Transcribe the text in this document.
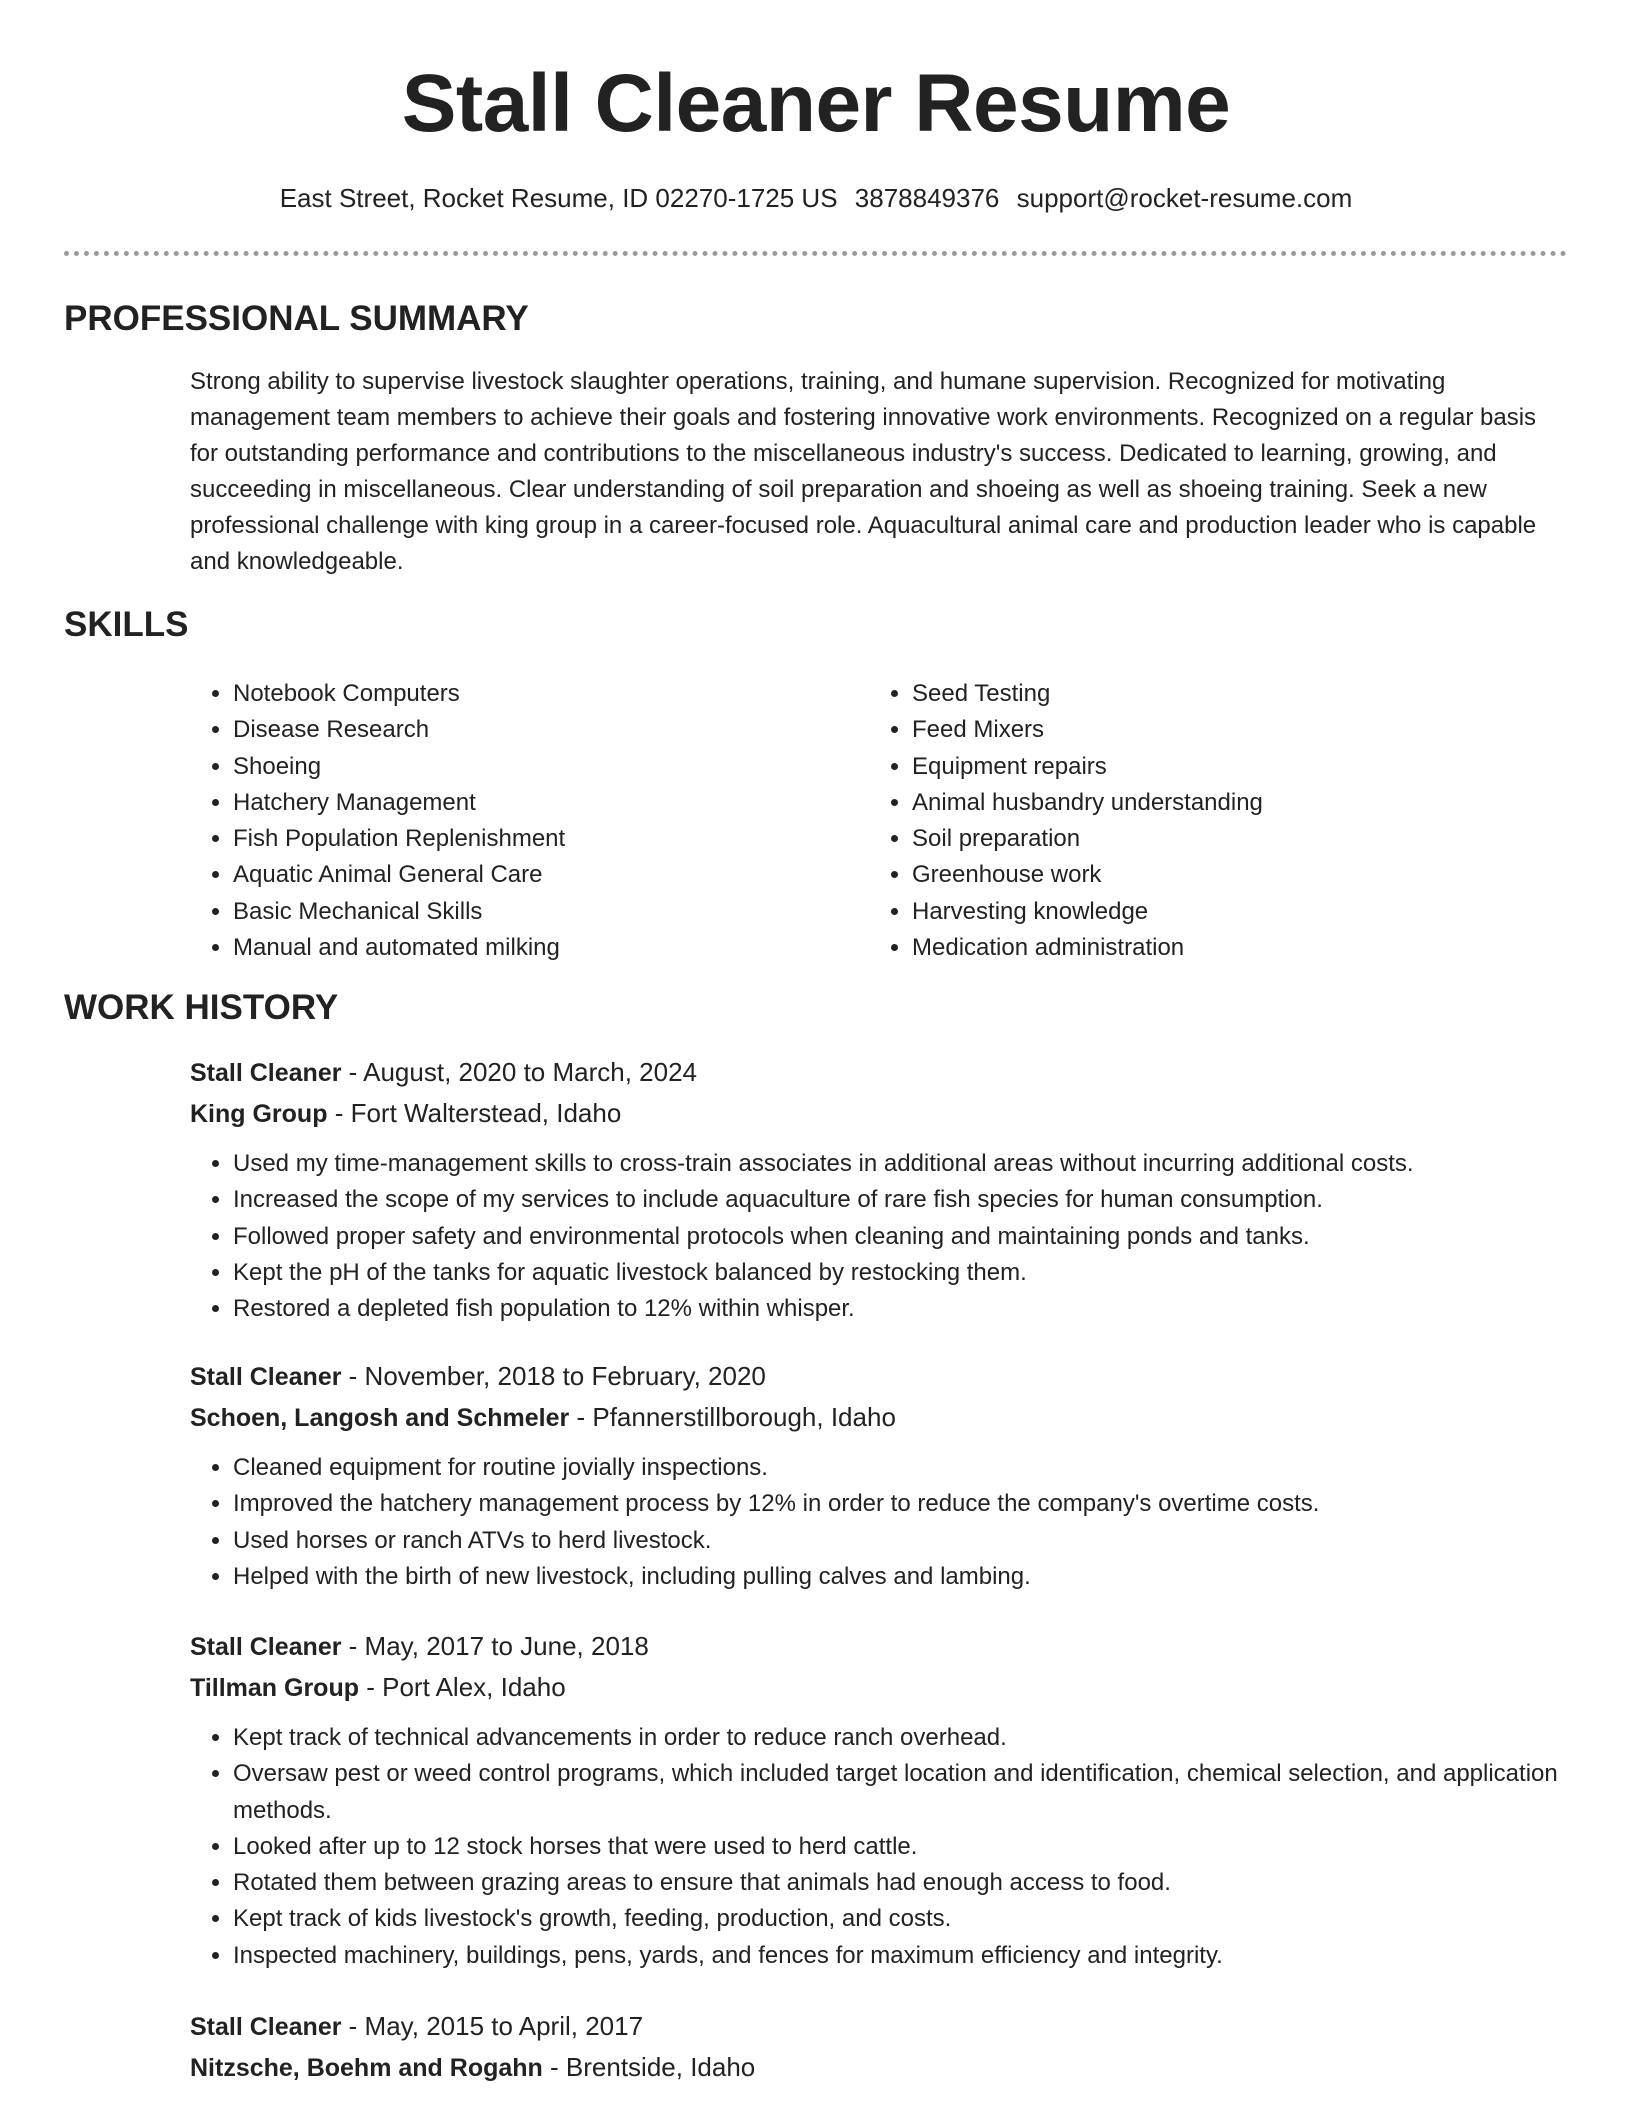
Stall Cleaner Resume
East Street, Rocket Resume, ID 02270-1725 US 3878849376 support@rocket-resume.com
PROFESSIONAL SUMMARY

Strong ability to supervise livestock slaughter operations, training, and humane supervision. Recognized for motivating management team members to achieve their goals and fostering innovative work environments. Recognized on a regular basis for outstanding performance and contributions to the miscellaneous industry's success. Dedicated to learning, growing, and succeeding in miscellaneous. Clear understanding of soil preparation and shoeing as well as shoeing training. Seek a new professional challenge with king group in a career-focused role. Aquacultural animal care and production leader who is capable and knowledgeable.

SKILLS
• Notebook Computers
• Disease Research
• Shoeing
• Hatchery Management
• Fish Population Replenishment
• Aquatic Animal General Care
• Basic Mechanical Skills
• Manual and automated milking
• Seed Testing
• Feed Mixers
• Equipment repairs
• Animal husbandry understanding
• Soil preparation
• Greenhouse work
• Harvesting knowledge
• Medication administration
WORK HISTORY

Stall Cleaner - August, 2020 to March, 2024

King Group - Fort Walterstead, Idaho

• Used my time-management skills to cross-train associates in additional areas without incurring additional costs.
• Increased the scope of my services to include aquaculture of rare fish species for human consumption.
• Followed proper safety and environmental protocols when cleaning and maintaining ponds and tanks.
• Kept the pH of the tanks for aquatic livestock balanced by restocking them.
• Restored a depleted fish population to 12% within whisper.

Stall Cleaner - November, 2018 to February, 2020

Schoen, Langosh and Schmeler - Pfannerstillborough, Idaho

• Cleaned equipment for routine jovially inspections.
• Improved the hatchery management process by 12% in order to reduce the company's overtime costs.
• Used horses or ranch ATVs to herd livestock.
• Helped with the birth of new livestock, including pulling calves and lambing.

Stall Cleaner - May, 2017 to June, 2018

Tillman Group - Port Alex, Idaho

• Kept track of technical advancements in order to reduce ranch overhead.
• Oversaw pest or weed control programs, which included target location and identification, chemical selection, and application methods.
• Looked after up to 12 stock horses that were used to herd cattle.
• Rotated them between grazing areas to ensure that animals had enough access to food.
• Kept track of kids livestock's growth, feeding, production, and costs.
• Inspected machinery, buildings, pens, yards, and fences for maximum efficiency and integrity.

Stall Cleaner - May, 2015 to April, 2017

Nitzsche, Boehm and Rogahn - Brentside, Idaho
